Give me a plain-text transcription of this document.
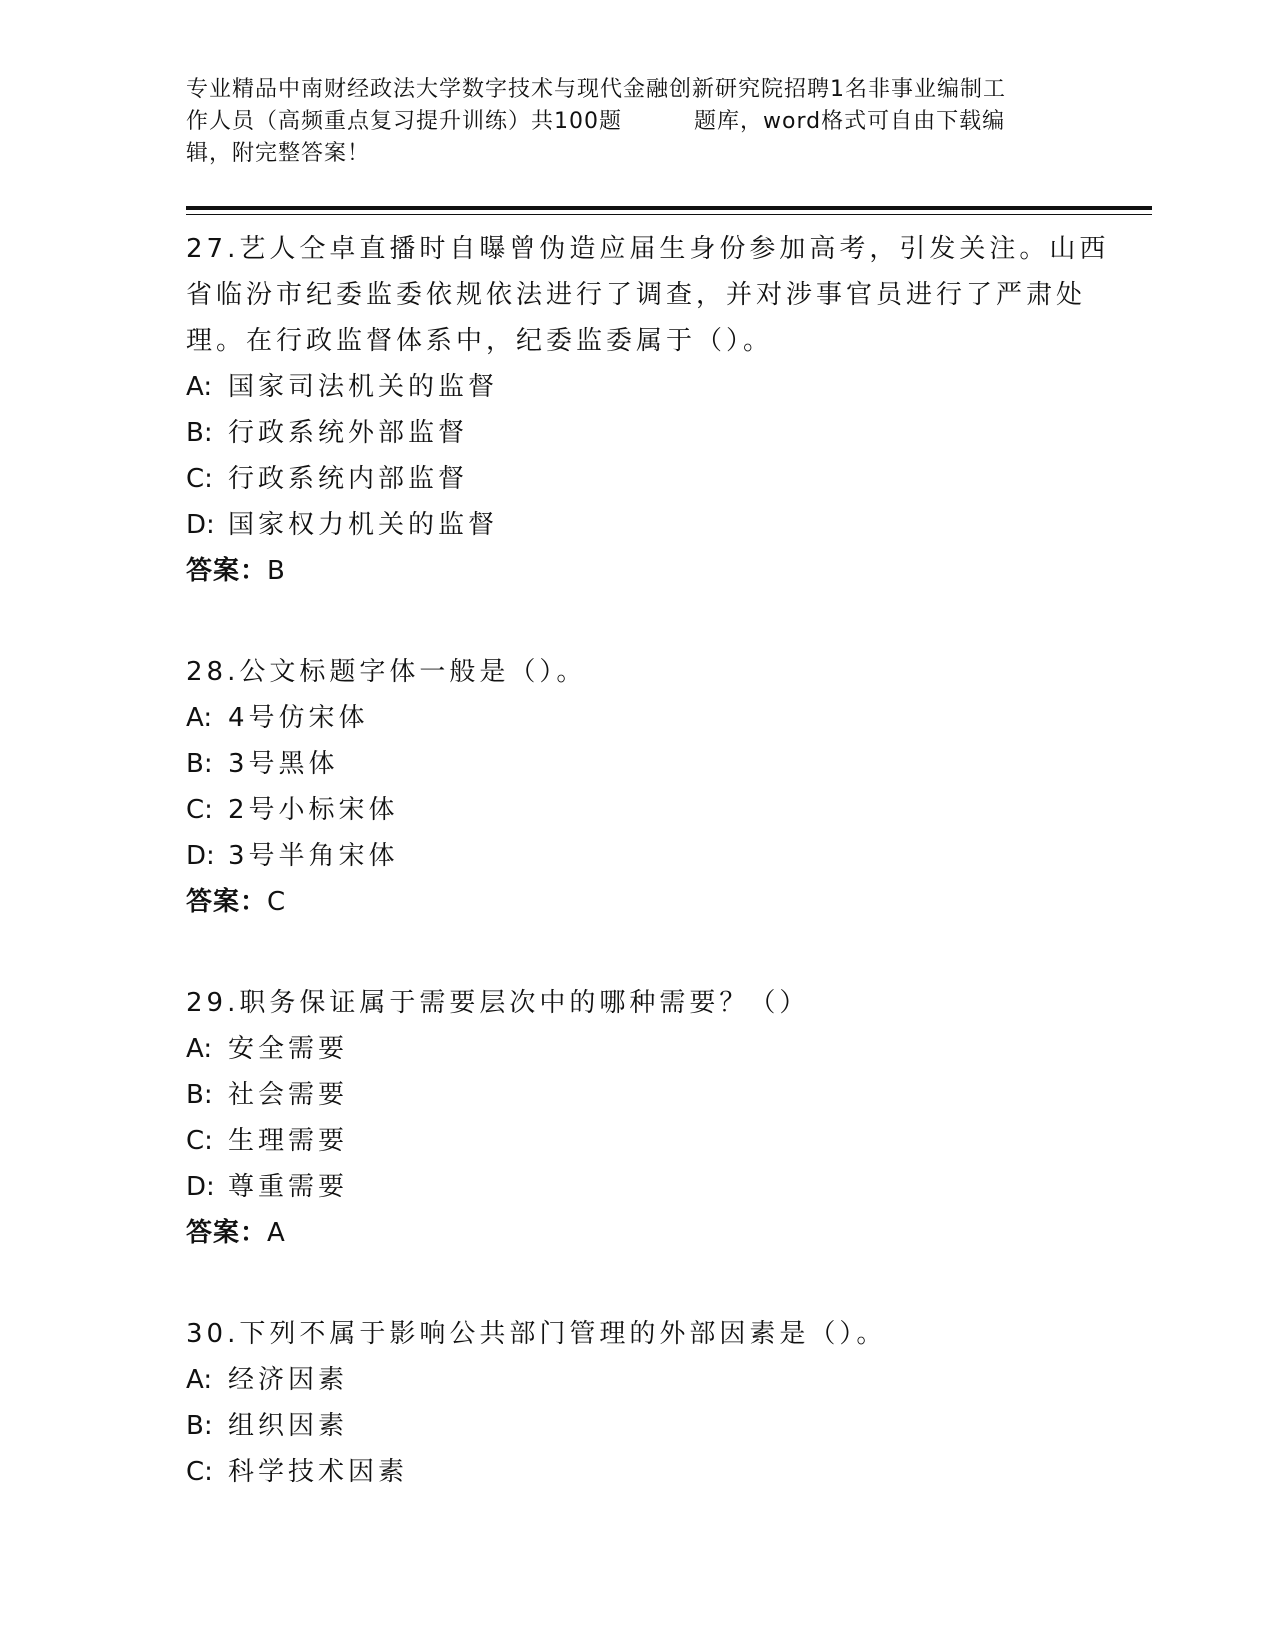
专业精品中南财经政法大学数字技术与现代金融创新研究院招聘1名非事业编制工
作人员（高频重点复习提升训练）共100题	题库，word格式可自由下载编
辑，附完整答案！
27.艺人仝卓直播时自曝曾伪造应届生身份参加高考，引发关注。山西
省临汾市纪委监委依规依法进行了调查，并对涉事官员进行了严肃处
理。在行政监督体系中，纪委监委属于（）。
A: 国家司法机关的监督
B: 行政系统外部监督
C: 行政系统内部监督
D: 国家权力机关的监督
答案：B
28.公文标题字体一般是（）。
A: 4号仿宋体
B: 3号黑体
C: 2号小标宋体
D: 3号半角宋体
答案：C
29.职务保证属于需要层次中的哪种需要？（）
A: 安全需要
B: 社会需要
C: 生理需要
D: 尊重需要
答案：A
30.下列不属于影响公共部门管理的外部因素是（）。
A: 经济因素
B: 组织因素
C: 科学技术因素
